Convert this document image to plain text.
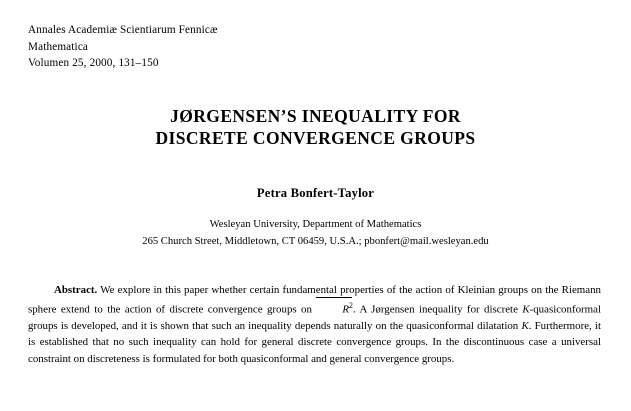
Annales Academiæ Scientiarum Fennicæ
Mathematica
Volumen 25, 2000, 131–150
JØRGENSEN’S INEQUALITY FOR
DISCRETE CONVERGENCE GROUPS
Petra Bonfert-Taylor
Wesleyan University, Department of Mathematics
265 Church Street, Middletown, CT 06459, U.S.A.; pbonfert@mail.wesleyan.edu

Abstract. We explore in this paper whether certain fundamental properties of the action of Kleinian groups on the Riemann sphere extend to the action of discrete convergence groups on
$R^2$. A Jørgensen inequality for discrete K-quasiconformal groups is developed, and it is shown that such an inequality depends naturally on the quasiconformal dilatation K. Furthermore, it is established that no such inequality can hold for general discrete convergence groups. In the discontinuous case a universal constraint on discreteness is formulated for both quasiconformal and general convergence groups.
